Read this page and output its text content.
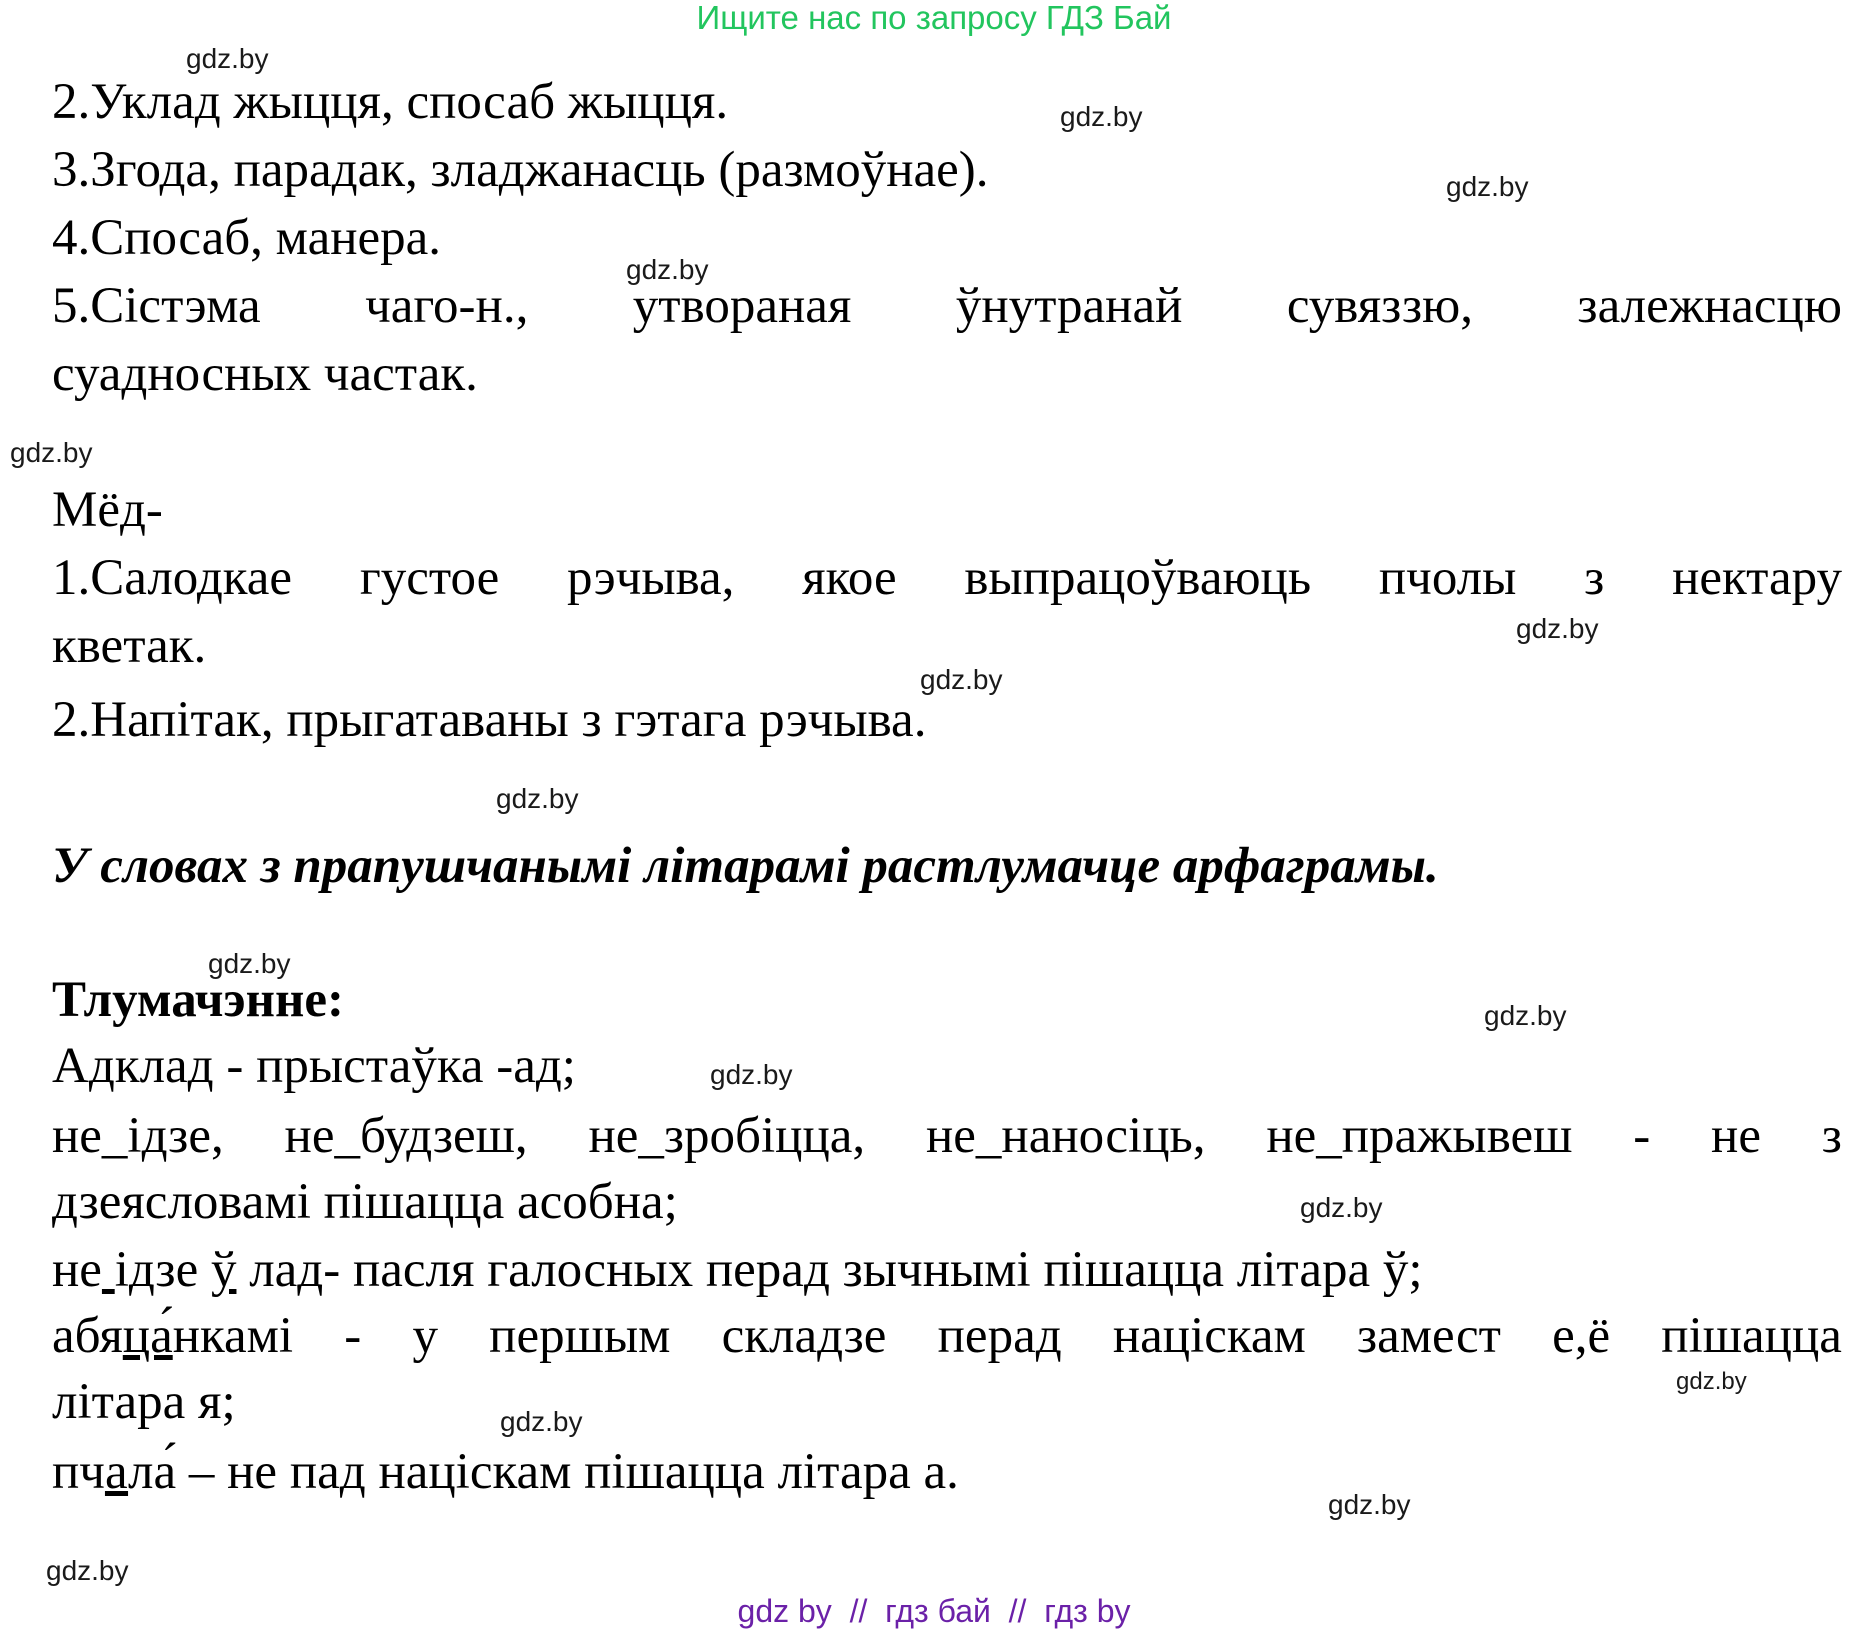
Ищите нас по запросу ГДЗ Бай
gdz.by
gdz.by
gdz.by
gdz.by
gdz.by
gdz.by
gdz.by
gdz.by
gdz.by
gdz.by
gdz.by
gdz.by
gdz.by
gdz.by
gdz.by
gdz.by
2.Уклад жыцця, спосаб жыцця.
3.Згода, парадак, зладжанасць (размоўнае).
4.Спосаб, манера.
5.Сістэма чаго-н., утвораная ўнутранай сувяззю, залежнасцю
суадносных частак.
Мёд-
1.Салодкае густое рэчыва, якое выпрацоўваюць пчолы з нектару
кветак.
2.Напітак, прыгатаваны з гэтага рэчыва.
У словах з прапушчанымі літарамі растлумачце арфаграмы.
Тлумачэнне:
Адклад - прыстаўка -ад;
не_ідзе, не_будзеш, не_зробіцца, не_наносіць, не_пражывеш - не з
дзеясловамі пішацца асобна;
не ідзе ў лад- пасля галосных перад зычнымі пішацца літара ў;
абяца́нкамі - у першым складзе перад націскам замест е,ё пішацца
літара я;
пчала́ – не пад націскам пішацца літара а.
gdz by  //  гдз бай  //  гдз by
